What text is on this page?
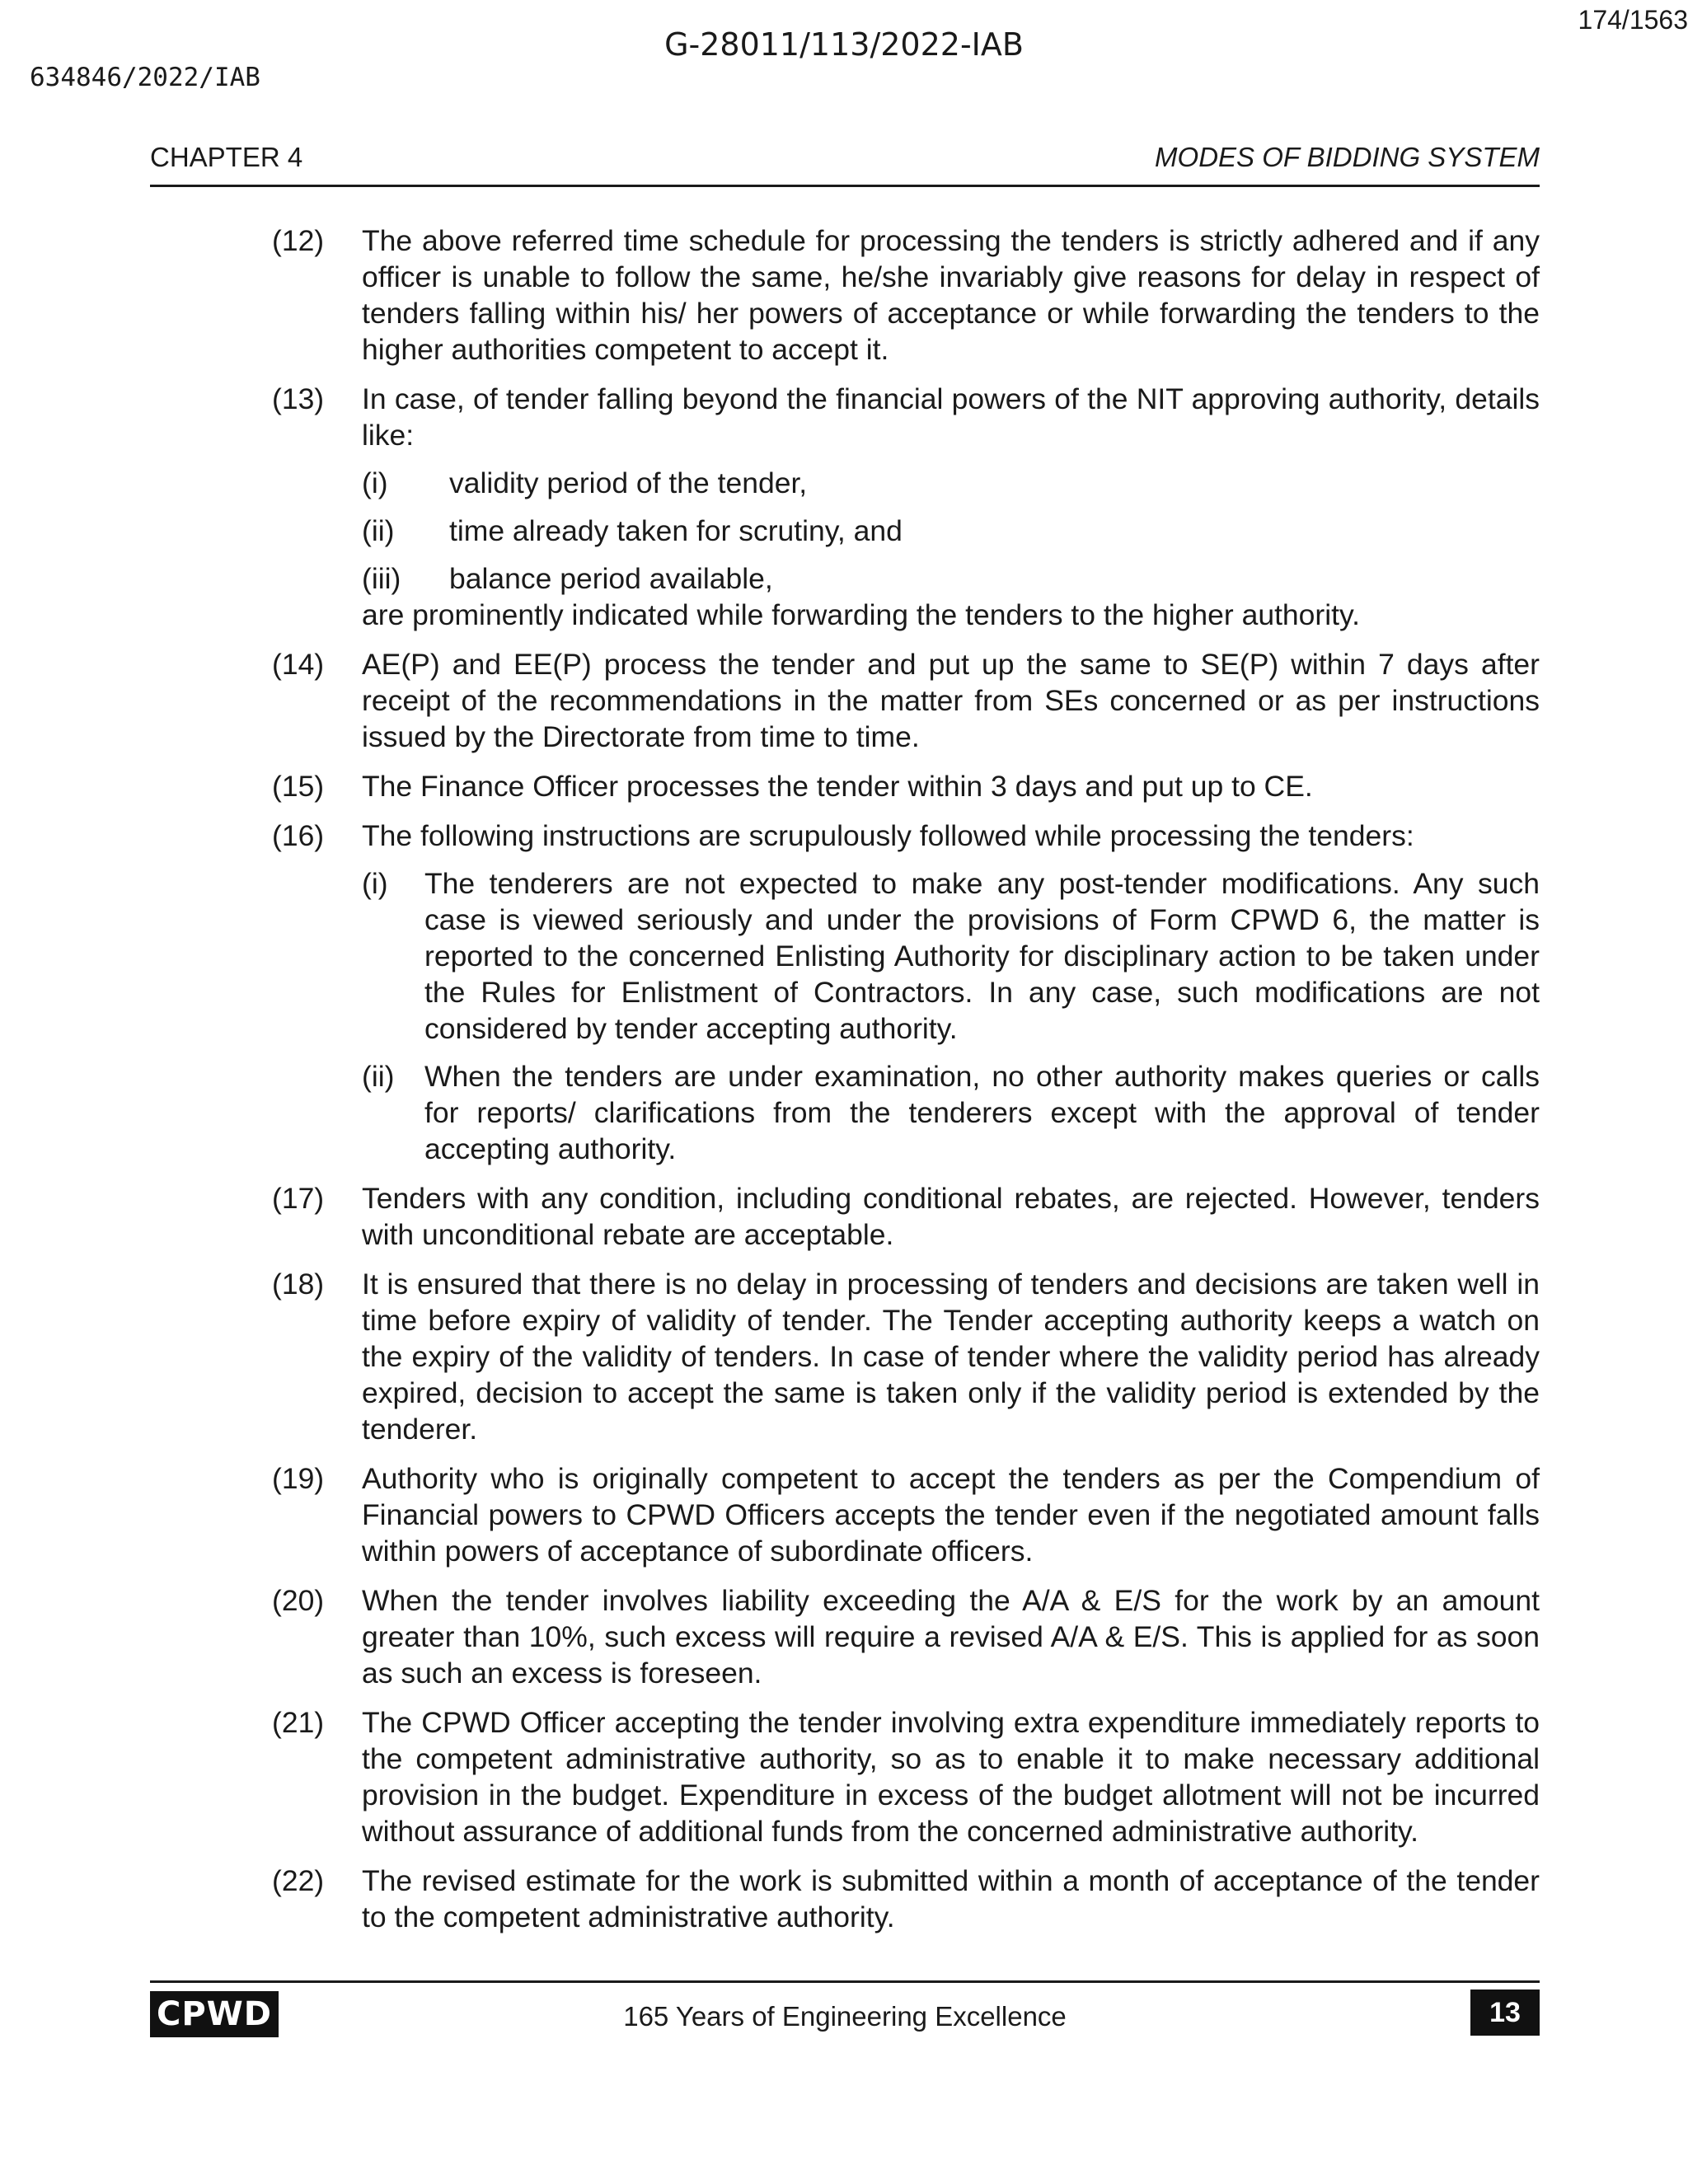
174/1563
G-28011/113/2022-IAB
634846/2022/IAB
CHAPTER 4	MODES OF BIDDING SYSTEM
(12)	The above referred time schedule for processing the tenders is strictly adhered and if any officer is unable to follow the same, he/she invariably give reasons for delay in respect of tenders falling within his/ her powers of acceptance or while forwarding the tenders to the higher authorities competent to accept it.

(13)	In case, of tender falling beyond the financial powers of the NIT approving authority, details like:

(i)	validity period of the tender,
(ii)	time already taken for scrutiny, and
(iii)	balance period available,

are prominently indicated while forwarding the tenders to the higher authority.

(14)	AE(P) and EE(P) process the tender and put up the same to SE(P) within 7 days after receipt of the recommendations in the matter from SEs concerned or as per instructions issued by the Directorate from time to time.

(15)	The Finance Officer processes the tender within 3 days and put up to CE.

(16)	The following instructions are scrupulously followed while processing the tenders:

(i)	The tenderers are not expected to make any post-tender modifications. Any such case is viewed seriously and under the provisions of Form CPWD 6, the matter is reported to the concerned Enlisting Authority for disciplinary action to be taken under the Rules for Enlistment of Contractors. In any case, such modifications are not considered by tender accepting authority.
(ii)	When the tenders are under examination, no other authority makes queries or calls for reports/ clarifications from the tenderers except with the approval of tender accepting authority.
(17)	Tenders with any condition, including conditional rebates, are rejected. However, tenders with unconditional rebate are acceptable.

(18)	It is ensured that there is no delay in processing of tenders and decisions are taken well in time before expiry of validity of tender. The Tender accepting authority keeps a watch on the expiry of the validity of tenders. In case of tender where the validity period has already expired, decision to accept the same is taken only if the validity period is extended by the tenderer.

(19)	Authority who is originally competent to accept the tenders as per the Compendium of Financial powers to CPWD Officers accepts the tender even if the negotiated amount falls within powers of acceptance of subordinate officers.

(20)	When the tender involves liability exceeding the A/A & E/S for the work by an amount greater than 10%, such excess will require a revised A/A & E/S. This is applied for as soon as such an excess is foreseen.

(21)	The CPWD Officer accepting the tender involving extra expenditure immediately reports to the competent administrative authority, so as to enable it to make necessary additional provision in the budget. Expenditure in excess of the budget allotment will not be incurred without assurance of additional funds from the concerned administrative authority.

(22)	The revised estimate for the work is submitted within a month of acceptance of the tender to the competent administrative authority.

CPWD	165 Years of Engineering Excellence	13
